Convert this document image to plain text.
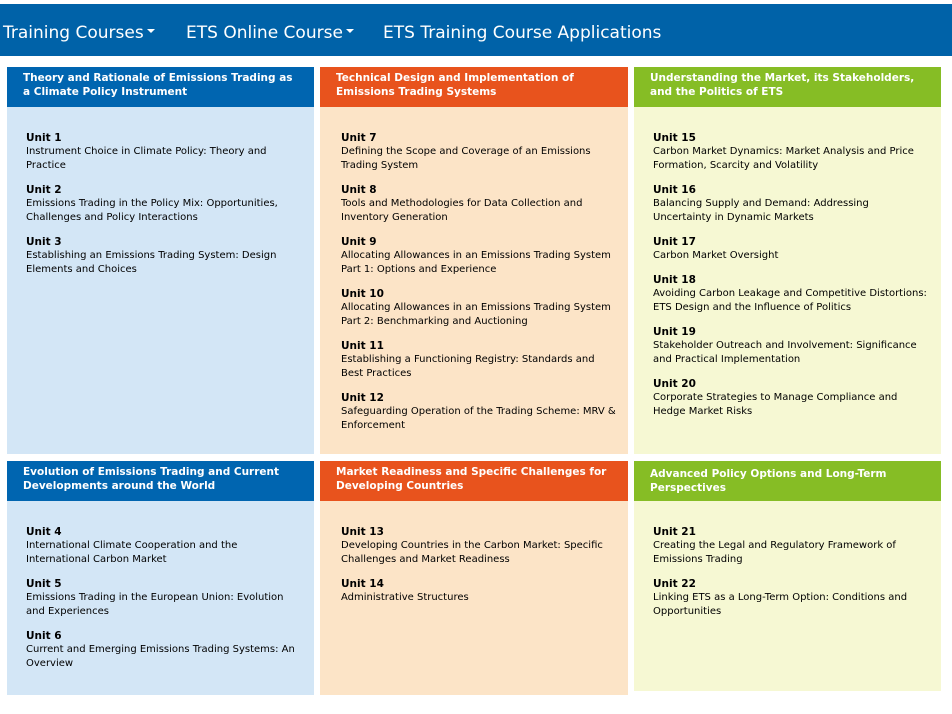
Training Courses	ETS Online Course	ETS Training Course Applications
Theory and Rationale of Emissions Trading as a Climate Policy Instrument
Unit 1
Instrument Choice in Climate Policy: Theory and Practice
Unit 2
Emissions Trading in the Policy Mix: Opportunities, Challenges and Policy Interactions
Unit 3
Establishing an Emissions Trading System: Design Elements and Choices
Technical Design and Implementation of Emissions Trading Systems
Unit 7
Defining the Scope and Coverage of an Emissions Trading System
Unit 8
Tools and Methodologies for Data Collection and Inventory Generation
Unit 9
Allocating Allowances in an Emissions Trading System Part 1: Options and Experience
Unit 10
Allocating Allowances in an Emissions Trading System Part 2: Benchmarking and Auctioning
Unit 11
Establishing a Functioning Registry: Standards and Best Practices
Unit 12
Safeguarding Operation of the Trading Scheme: MRV & Enforcement
Understanding the Market, its Stakeholders, and the Politics of ETS
Unit 15
Carbon Market Dynamics: Market Analysis and Price Formation, Scarcity and Volatility
Unit 16
Balancing Supply and Demand: Addressing Uncertainty in Dynamic Markets
Unit 17
Carbon Market Oversight
Unit 18
Avoiding Carbon Leakage and Competitive Distortions: ETS Design and the Influence of Politics
Unit 19
Stakeholder Outreach and Involvement: Significance and Practical Implementation
Unit 20
Corporate Strategies to Manage Compliance and Hedge Market Risks
Evolution of Emissions Trading and Current Developments around the World
Unit 4
International Climate Cooperation and the International Carbon Market
Unit 5
Emissions Trading in the European Union: Evolution and Experiences
Unit 6
Current and Emerging Emissions Trading Systems: An Overview
Market Readiness and Specific Challenges for Developing Countries
Unit 13
Developing Countries in the Carbon Market: Specific Challenges and Market Readiness
Unit 14
Administrative Structures
Advanced Policy Options and Long-Term Perspectives
Unit 21
Creating the Legal and Regulatory Framework of Emissions Trading
Unit 22
Linking ETS as a Long-Term Option: Conditions and Opportunities
